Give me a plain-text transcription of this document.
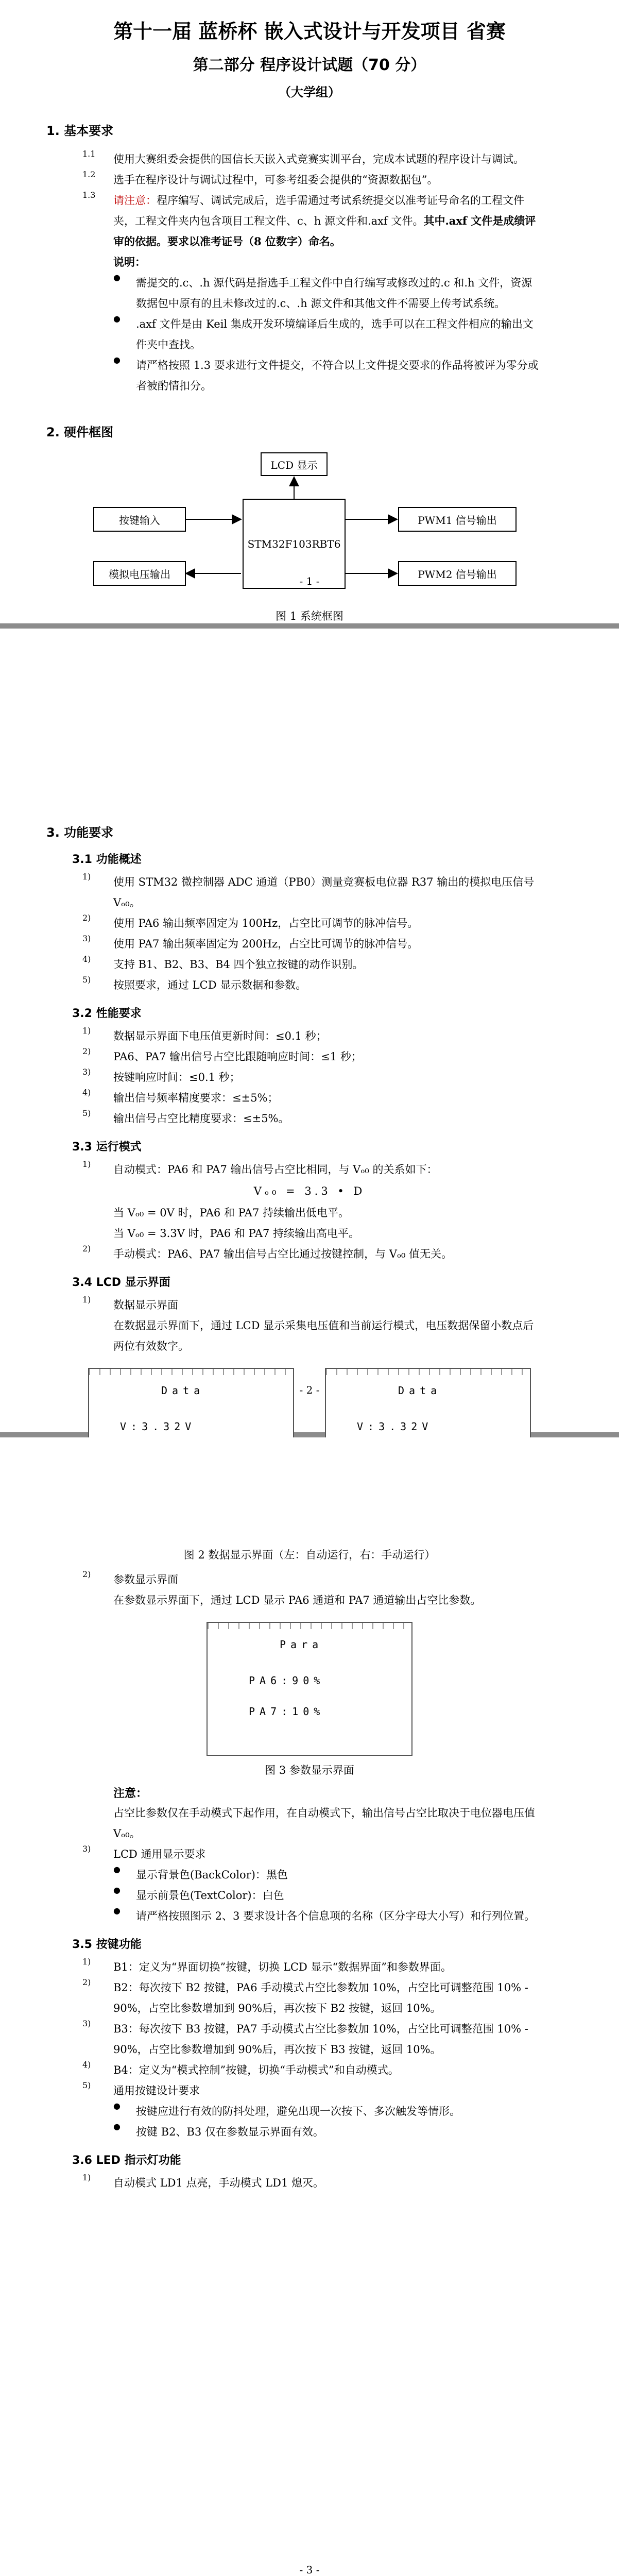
第十一届 蓝桥杯 嵌入式设计与开发项目 省赛
第二部分 程序设计试题（70 分）
（大学组）
1. 基本要求
1.1	使用大赛组委会提供的国信长天嵌入式竞赛实训平台，完成本试题的程序设计与调试。

1.2	选手在程序设计与调试过程中，可参考组委会提供的“资源数据包”。

1.3	请注意：程序编写、调试完成后，选手需通过考试系统提交以准考证号命名的工程文件夹，工程文件夹内包含项目工程文件、c、h 源文件和.axf 文件。其中.axf 文件是成绩评审的依据。要求以准考证号（8 位数字）命名。

说明：

●	需提交的.c、.h 源代码是指选手工程文件中自行编写或修改过的.c 和.h 文件，资源数据包中原有的且未修改过的.c、.h 源文件和其他文件不需要上传考试系统。

●	.axf 文件是由 Keil 集成开发环境编译后生成的，选手可以在工程文件相应的输出文件夹中查找。

●	请严格按照 1.3 要求进行文件提交，不符合以上文件提交要求的作品将被评为零分或者被酌情扣分。

2. 硬件框图
LCD 显示
按键输入
STM32F103RBT6
PWM1 信号输出
模拟电压输出	PWM2 信号输出
图 1 系统框图
- 1 -
3. 功能要求
3.1 功能概述
1)	使用 STM32 微控制器 ADC 通道（PB0）测量竞赛板电位器 R37 输出的模拟电压信号 Vₒ₀。

2)	使用 PA6 输出频率固定为 100Hz，占空比可调节的脉冲信号。

3)	使用 PA7 输出频率固定为 200Hz，占空比可调节的脉冲信号。

4)	支持 B1、B2、B3、B4 四个独立按键的动作识别。

5)	按照要求，通过 LCD 显示数据和参数。

3.2 性能要求
1)	数据显示界面下电压值更新时间：≤0.1 秒；

2)	PA6、PA7 输出信号占空比跟随响应时间：≤1 秒；

3)	按键响应时间：≤0.1 秒；

4)	输出信号频率精度要求：≤±5%；

5)	输出信号占空比精度要求：≤±5%。

3.3 运行模式
1)	自动模式：PA6 和 PA7 输出信号占空比相同，与 Vₒ₀ 的关系如下：

Vₒ₀ = 3.3 • D

当 Vₒ₀ = 0V 时，PA6 和 PA7 持续输出低电平。

当 Vₒ₀ = 3.3V 时，PA6 和 PA7 持续输出高电平。

2)	手动模式：PA6、PA7 输出信号占空比通过按键控制，与 Vₒ₀ 值无关。

3.4 LCD 显示界面
1)	数据显示界面

在数据显示界面下，通过 LCD 显示采集电压值和当前运行模式，电压数据保留小数点后两位有效数字。

Data
V:3.32V
Data
V:3.32V
- 2 -
图 2 数据显示界面（左：自动运行，右：手动运行）
2)	参数显示界面

在参数显示界面下，通过 LCD 显示 PA6 通道和 PA7 通道输出占空比参数。

Para
PA6:90%
PA7:10%
图 3 参数显示界面
注意：

占空比参数仅在手动模式下起作用，在自动模式下，输出信号占空比取决于电位器电压值 Vₒ₀。

3)	LCD 通用显示要求

●	显示背景色(BackColor)：黑色

●	显示前景色(TextColor)：白色

●	请严格按照图示 2、3 要求设计各个信息项的名称（区分字母大小写）和行列位置。

3.5 按键功能
1)	B1：定义为“界面切换”按键，切换 LCD 显示“数据界面”和参数界面。

2)	B2：每次按下 B2 按键，PA6 手动模式占空比参数加 10%，占空比可调整范围 10% - 90%，占空比参数增加到 90%后，再次按下 B2 按键，返回 10%。

3)	B3：每次按下 B3 按键，PA7 手动模式占空比参数加 10%，占空比可调整范围 10% - 90%，占空比参数增加到 90%后，再次按下 B3 按键，返回 10%。

4)	B4：定义为“模式控制”按键，切换“手动模式”和自动模式。

5)	通用按键设计要求

●	按键应进行有效的防抖处理，避免出现一次按下、多次触发等情形。

●	按键 B2、B3 仅在参数显示界面有效。

3.6 LED 指示灯功能
1)	自动模式 LD1 点亮，手动模式 LD1 熄灭。

- 3 -
